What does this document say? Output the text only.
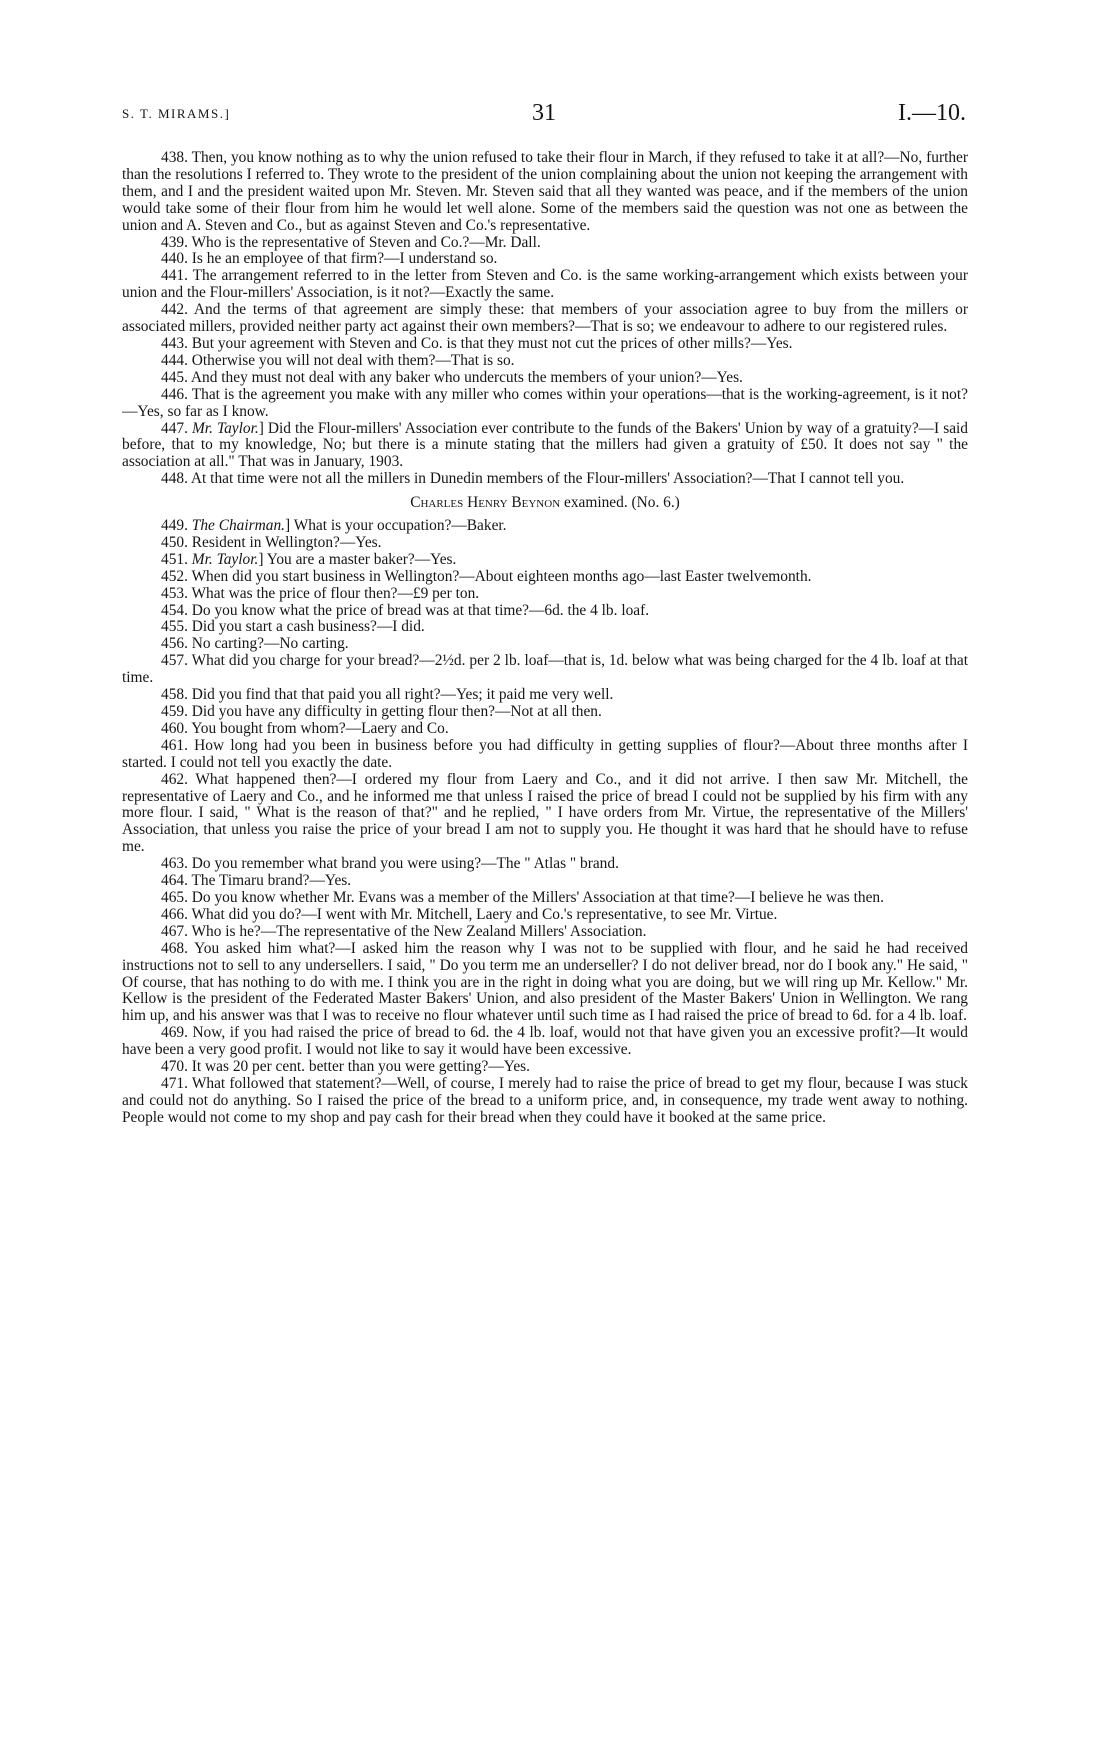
S. T. MIRAMS.]	31	I.—10.

438. Then, you know nothing as to why the union refused to take their flour in March, if they refused to take it at all?—No, further than the resolutions I referred to. They wrote to the president of the union complaining about the union not keeping the arrangement with them, and I and the president waited upon Mr. Steven. Mr. Steven said that all they wanted was peace, and if the members of the union would take some of their flour from him he would let well alone. Some of the members said the question was not one as between the union and A. Steven and Co., but as against Steven and Co.'s representative.

439. Who is the representative of Steven and Co.?—Mr. Dall.

440. Is he an employee of that firm?—I understand so.

441. The arrangement referred to in the letter from Steven and Co. is the same working-arrangement which exists between your union and the Flour-millers' Association, is it not?—Exactly the same.

442. And the terms of that agreement are simply these: that members of your association agree to buy from the millers or associated millers, provided neither party act against their own members?—That is so; we endeavour to adhere to our registered rules.

443. But your agreement with Steven and Co. is that they must not cut the prices of other mills?—Yes.

444. Otherwise you will not deal with them?—That is so.

445. And they must not deal with any baker who undercuts the members of your union?—Yes.

446. That is the agreement you make with any miller who comes within your operations—that is the working-agreement, is it not?—Yes, so far as I know.

447. Mr. Taylor.] Did the Flour-millers' Association ever contribute to the funds of the Bakers' Union by way of a gratuity?—I said before, that to my knowledge, No; but there is a minute stating that the millers had given a gratuity of £50. It does not say " the association at all." That was in January, 1903.

448. At that time were not all the millers in Dunedin members of the Flour-millers' Association?—That I cannot tell you.

Charles Henry Beynon examined. (No. 6.)

449. The Chairman.] What is your occupation?—Baker.

450. Resident in Wellington?—Yes.

451. Mr. Taylor.] You are a master baker?—Yes.

452. When did you start business in Wellington?—About eighteen months ago—last Easter twelvemonth.

453. What was the price of flour then?—£9 per ton.

454. Do you know what the price of bread was at that time?—6d. the 4 lb. loaf.

455. Did you start a cash business?—I did.

456. No carting?—No carting.

457. What did you charge for your bread?—2½d. per 2 lb. loaf—that is, 1d. below what was being charged for the 4 lb. loaf at that time.

458. Did you find that that paid you all right?—Yes; it paid me very well.

459. Did you have any difficulty in getting flour then?—Not at all then.

460. You bought from whom?—Laery and Co.

461. How long had you been in business before you had difficulty in getting supplies of flour?—About three months after I started. I could not tell you exactly the date.

462. What happened then?—I ordered my flour from Laery and Co., and it did not arrive. I then saw Mr. Mitchell, the representative of Laery and Co., and he informed me that unless I raised the price of bread I could not be supplied by his firm with any more flour. I said, " What is the reason of that?" and he replied, " I have orders from Mr. Virtue, the representative of the Millers' Association, that unless you raise the price of your bread I am not to supply you. He thought it was hard that he should have to refuse me.

463. Do you remember what brand you were using?—The " Atlas " brand.

464. The Timaru brand?—Yes.

465. Do you know whether Mr. Evans was a member of the Millers' Association at that time?—I believe he was then.

466. What did you do?—I went with Mr. Mitchell, Laery and Co.'s representative, to see Mr. Virtue.

467. Who is he?—The representative of the New Zealand Millers' Association.

468. You asked him what?—I asked him the reason why I was not to be supplied with flour, and he said he had received instructions not to sell to any undersellers. I said, " Do you term me an underseller? I do not deliver bread, nor do I book any." He said, " Of course, that has nothing to do with me. I think you are in the right in doing what you are doing, but we will ring up Mr. Kellow." Mr. Kellow is the president of the Federated Master Bakers' Union, and also president of the Master Bakers' Union in Wellington. We rang him up, and his answer was that I was to receive no flour whatever until such time as I had raised the price of bread to 6d. for a 4 lb. loaf.

469. Now, if you had raised the price of bread to 6d. the 4 lb. loaf, would not that have given you an excessive profit?—It would have been a very good profit. I would not like to say it would have been excessive.

470. It was 20 per cent. better than you were getting?—Yes.

471. What followed that statement?—Well, of course, I merely had to raise the price of bread to get my flour, because I was stuck and could not do anything. So I raised the price of the bread to a uniform price, and, in consequence, my trade went away to nothing. People would not come to my shop and pay cash for their bread when they could have it booked at the same price.
